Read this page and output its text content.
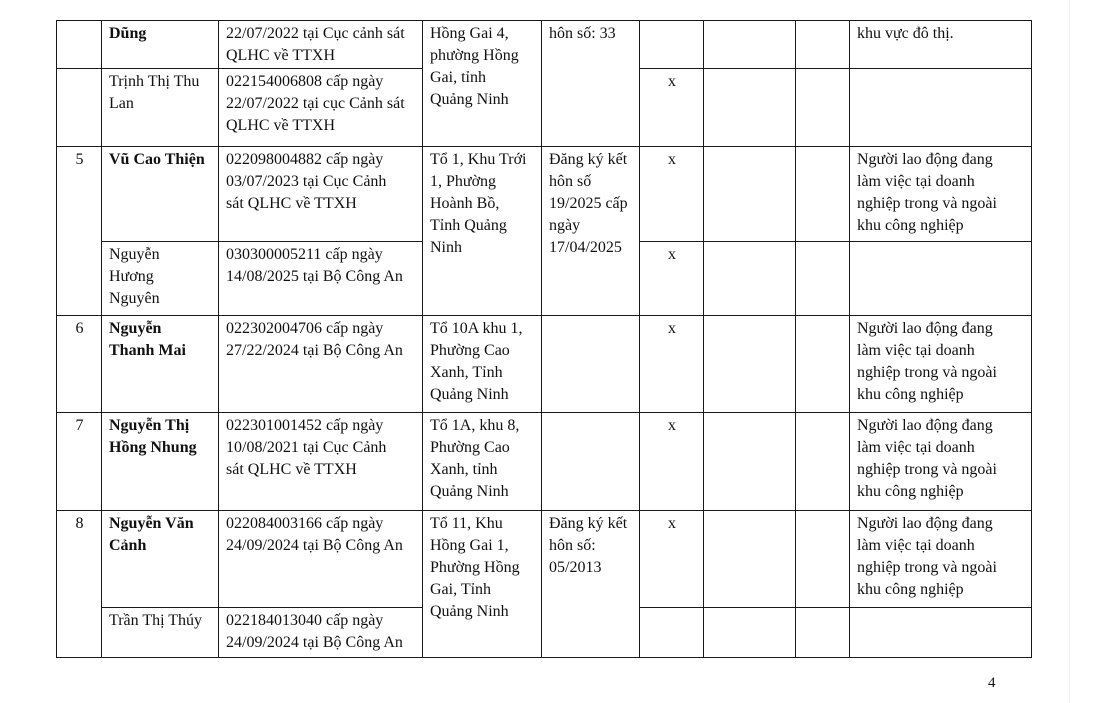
	Dũng	22/07/2022 tại Cục cảnh sát
QLHC về TTXH	Hồng Gai 4,
phường Hồng
Gai, tỉnh
Quảng Ninh	hôn số: 33				khu vực đô thị.

	Trịnh Thị Thu
Lan	022154006808 cấp ngày
22/07/2022 tại cục Cảnh sát
QLHC về TTXH			x			

5	Vũ Cao Thiện	022098004882 cấp ngày
03/07/2023 tại Cục Cảnh
sát QLHC về TTXH	Tổ 1, Khu Trới
1, Phường
Hoành Bồ,
Tỉnh Quảng
Ninh	Đăng ký kết
hôn số
19/2025 cấp
ngày
17/04/2025	x			Người lao động đang
làm việc tại doanh
nghiệp trong và ngoài
khu công nghiệp

	Nguyễn
Hương
Nguyên	030300005211 cấp ngày
14/08/2025 tại Bộ Công An			x			

6	Nguyễn
Thanh Mai	022302004706 cấp ngày
27/22/2024 tại Bộ Công An	Tổ 10A khu 1,
Phường Cao
Xanh, Tỉnh
Quảng Ninh		x			Người lao động đang
làm việc tại doanh
nghiệp trong và ngoài
khu công nghiệp

7	Nguyễn Thị
Hồng Nhung	022301001452 cấp ngày
10/08/2021 tại Cục Cảnh
sát QLHC về TTXH	Tổ 1A, khu 8,
Phường Cao
Xanh, tỉnh
Quảng Ninh		x			Người lao động đang
làm việc tại doanh
nghiệp trong và ngoài
khu công nghiệp

8	Nguyễn Văn
Cảnh	022084003166 cấp ngày
24/09/2024 tại Bộ Công An	Tổ 11, Khu
Hồng Gai 1,
Phường Hồng
Gai, Tỉnh
Quảng Ninh	Đăng ký kết
hôn số:
05/2013	x			Người lao động đang
làm việc tại doanh
nghiệp trong và ngoài
khu công nghiệp

	Trần Thị Thúy	022184013040 cấp ngày
24/09/2024 tại Bộ Công An						

4
